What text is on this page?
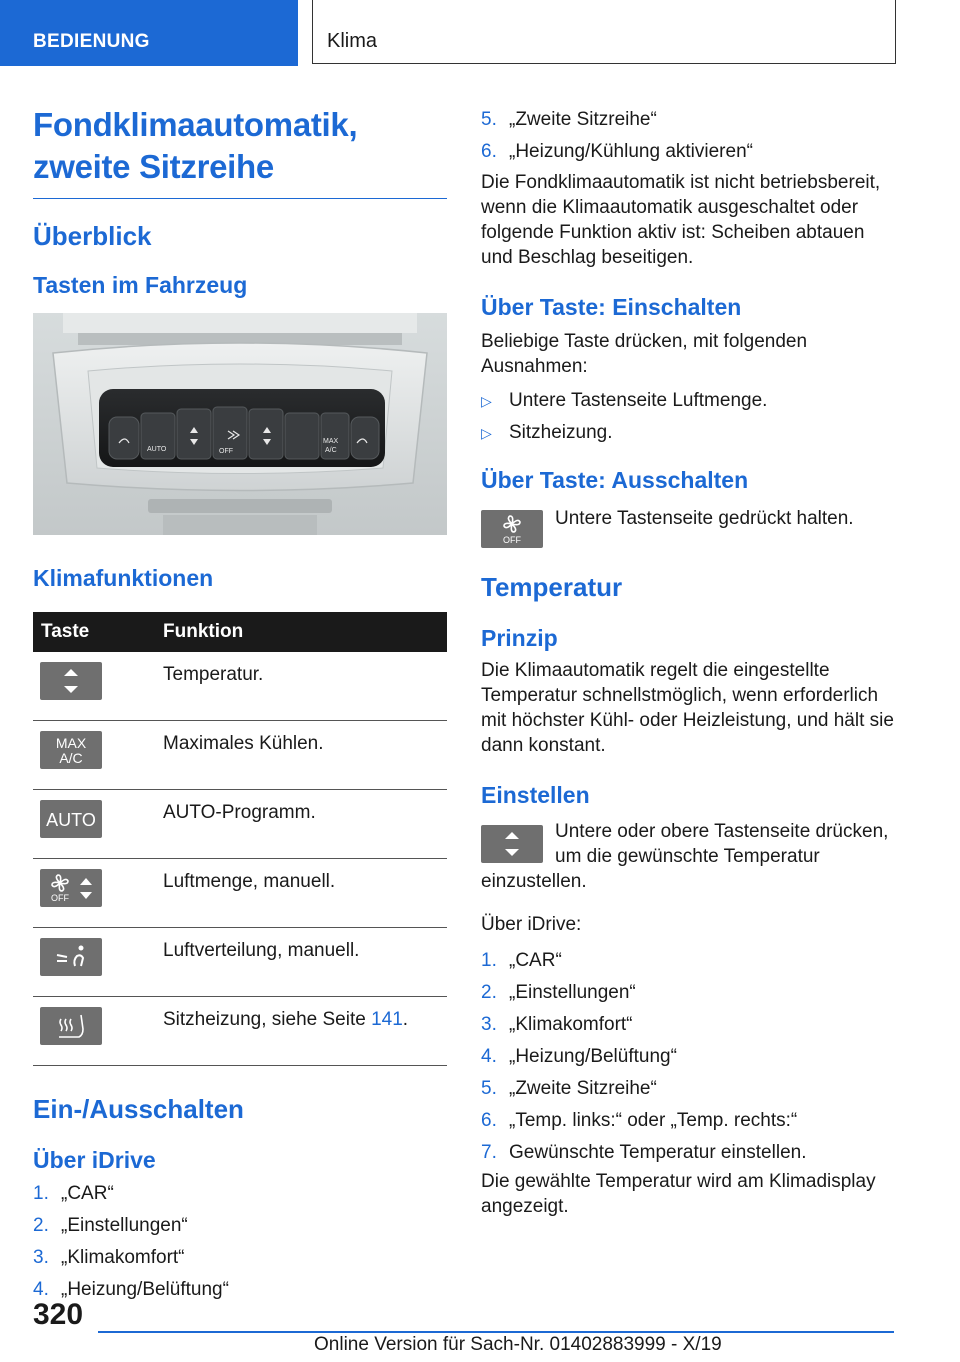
BEDIENUNG	Klima
Fondklimaautomatik,
zweite Sitzreihe
Überblick
Tasten im Fahrzeug
AUTO	OFF
MAX
A/C
Klimafunktionen
Taste	Funktion

Temperatur.

MAX
A/C	Maximales Kühlen.

AUTO	AUTO-Programm.

OFF	Luftmenge, manuell.

Luftverteilung, manuell.

Sitzheizung, siehe Seite 141.

Ein-/Ausschalten
Über iDrive
1. „CAR“
2. „Einstellungen“
3. „Klimakomfort“
4. „Heizung/Belüftung“
5. „Zweite Sitzreihe“
6. „Heizung/Kühlung aktivieren“

Die Fondklimaautomatik ist nicht betriebsbereit, wenn die Klimaautomatik ausgeschaltet oder folgende Funktion aktiv ist: Scheiben abtauen und Beschlag beseitigen.

Über Taste: Einschalten

Beliebige Taste drücken, mit folgenden Ausnahmen:

▷ Untere Tastenseite Luftmenge.
▷ Sitzheizung.
Über Taste: Ausschalten
OFF

Untere Tastenseite gedrückt halten.

Temperatur
Prinzip

Die Klimaautomatik regelt die eingestellte Temperatur schnellstmöglich, wenn erforderlich mit höchster Kühl- oder Heizleistung, und hält sie dann konstant.

Einstellen

Untere oder obere Tastenseite drücken, um die gewünschte Temperatur einzustellen.

Über iDrive:

1. „CAR“
2. „Einstellungen“
3. „Klimakomfort“
4. „Heizung/Belüftung“
5. „Zweite Sitzreihe“
6. „Temp. links:“ oder „Temp. rechts:“
7. Gewünschte Temperatur einstellen.

Die gewählte Temperatur wird am Klimadisplay angezeigt.

320
Online Version für Sach-Nr. 01402883999 - X/19
